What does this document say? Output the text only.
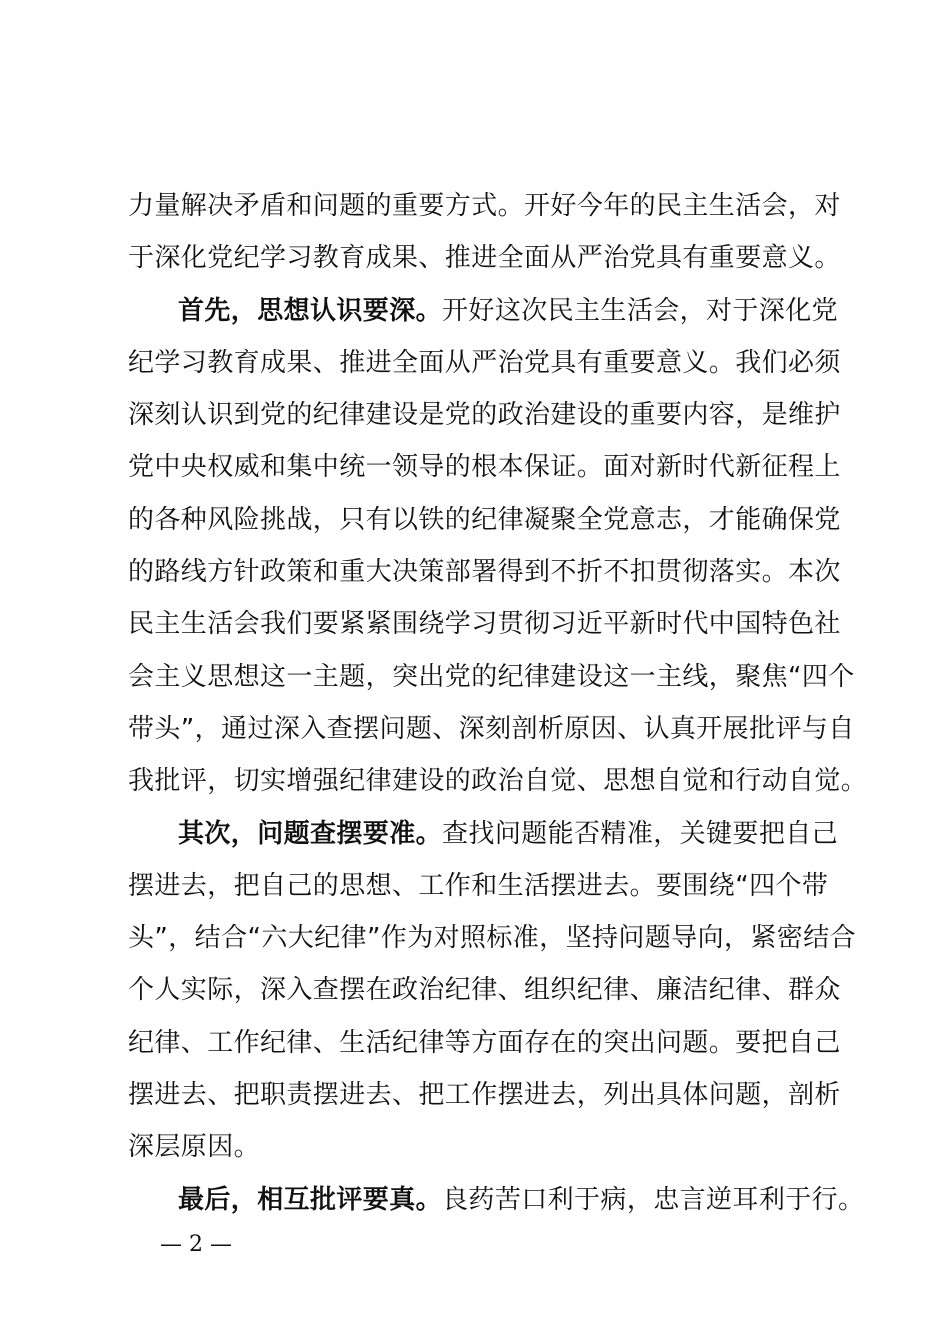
力量解决矛盾和问题的重要方式。开好今年的民主生活会，对
于深化党纪学习教育成果、推进全面从严治党具有重要意义。
首先，思想认识要深。开好这次民主生活会，对于深化党
纪学习教育成果、推进全面从严治党具有重要意义。我们必须
深刻认识到党的纪律建设是党的政治建设的重要内容，是维护
党中央权威和集中统一领导的根本保证。面对新时代新征程上
的各种风险挑战，只有以铁的纪律凝聚全党意志，才能确保党
的路线方针政策和重大决策部署得到不折不扣贯彻落实。本次
民主生活会我们要紧紧围绕学习贯彻习近平新时代中国特色社
会主义思想这一主题，突出党的纪律建设这一主线，聚焦“四个
带头”，通过深入查摆问题、深刻剖析原因、认真开展批评与自
我批评，切实增强纪律建设的政治自觉、思想自觉和行动自觉。
其次，问题查摆要准。查找问题能否精准，关键要把自己
摆进去，把自己的思想、工作和生活摆进去。要围绕“四个带
头”，结合“六大纪律”作为对照标准，坚持问题导向，紧密结合
个人实际，深入查摆在政治纪律、组织纪律、廉洁纪律、群众
纪律、工作纪律、生活纪律等方面存在的突出问题。要把自己
摆进去、把职责摆进去、把工作摆进去，列出具体问题，剖析
深层原因。
最后，相互批评要真。良药苦口利于病，忠言逆耳利于行。
— 2 —
